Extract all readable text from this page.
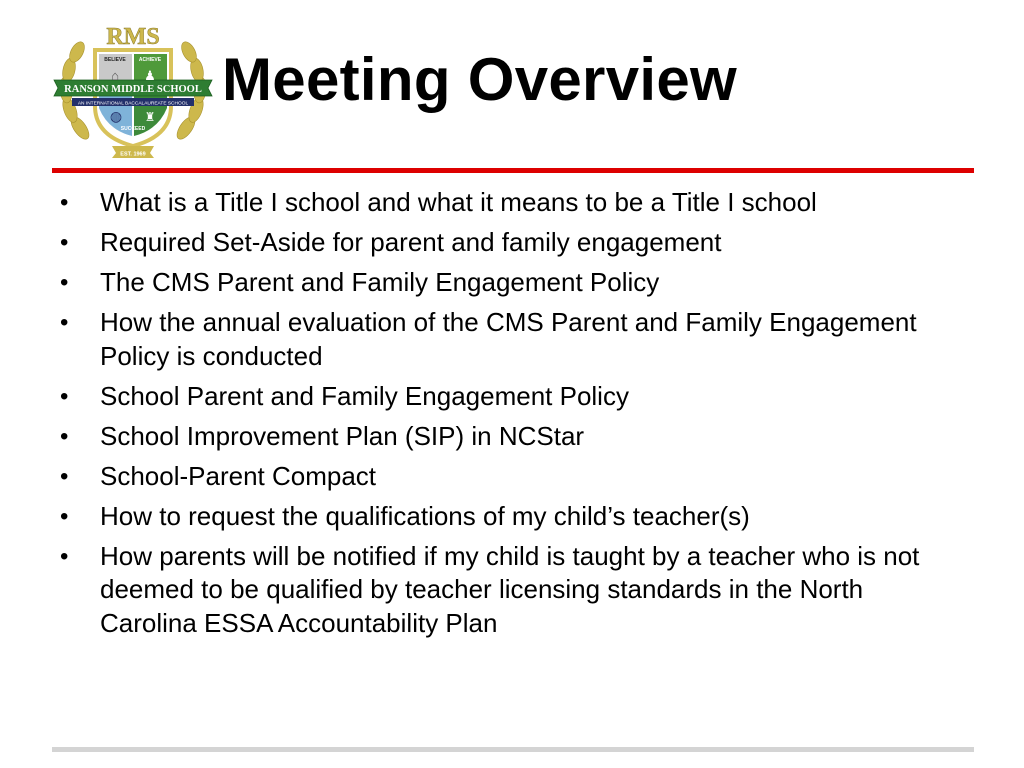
RMS
RANSON MIDDLE SCHOOL
AN INTERNATIONAL BACCALAUREATE SCHOOL
BELIEVE	ACHIEVE
SUCCEED
◍ ♜
⌂ ♟
EST. 1969
Meeting Overview
• What is a Title I school and what it means to be a Title I school
• Required Set-Aside for parent and family engagement
• The CMS Parent and Family Engagement Policy
• How the annual evaluation of the CMS Parent and Family Engagement Policy is conducted
• School Parent and Family Engagement Policy
• School Improvement Plan (SIP) in NCStar
• School-Parent Compact
• How to request the qualifications of my child’s teacher(s)
• How parents will be notified if my child is taught by a teacher who is not deemed to be qualified by teacher licensing standards in the North Carolina ESSA Accountability Plan
